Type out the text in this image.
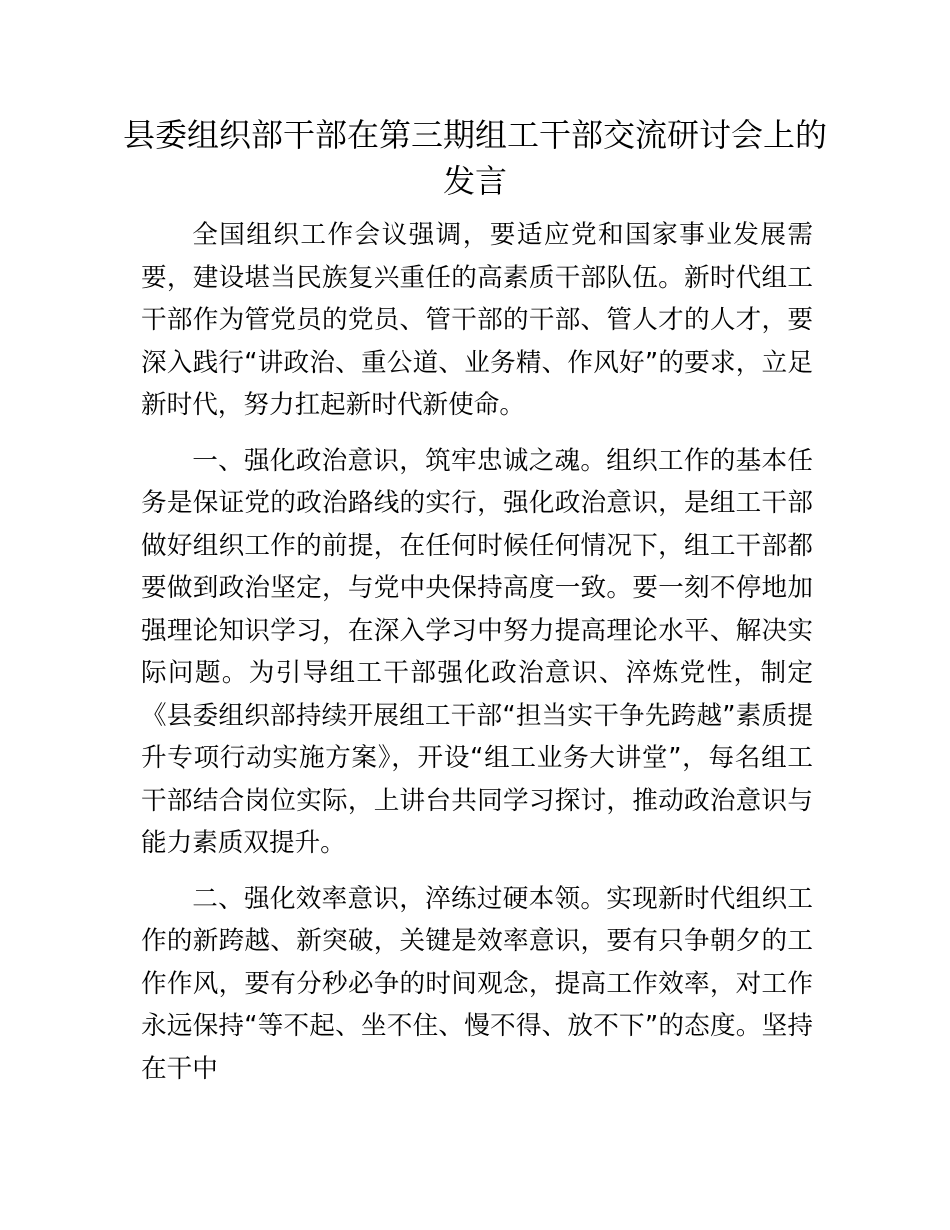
县委组织部干部在第三期组工干部交流研讨会上的发言

全国组织工作会议强调，要适应党和国家事业发展需要，建设堪当民族复兴重任的高素质干部队伍。新时代组工干部作为管党员的党员、管干部的干部、管人才的人才，要深入践行“讲政治、重公道、业务精、作风好”的要求，立足新时代，努力扛起新时代新使命。

一、强化政治意识，筑牢忠诚之魂。组织工作的基本任务是保证党的政治路线的实行，强化政治意识，是组工干部做好组织工作的前提，在任何时候任何情况下，组工干部都要做到政治坚定，与党中央保持高度一致。要一刻不停地加强理论知识学习，在深入学习中努力提高理论水平、解决实际问题。为引导组工干部强化政治意识、淬炼党性，制定《县委组织部持续开展组工干部“担当实干争先跨越”素质提升专项行动实施方案》，开设“组工业务大讲堂”，每名组工干部结合岗位实际，上讲台共同学习探讨，推动政治意识与能力素质双提升。

二、强化效率意识，淬练过硬本领。实现新时代组织工作的新跨越、新突破，关键是效率意识，要有只争朝夕的工作作风，要有分秒必争的时间观念，提高工作效率，对工作永远保持“等不起、坐不住、慢不得、放不下”的态度。坚持在干中
